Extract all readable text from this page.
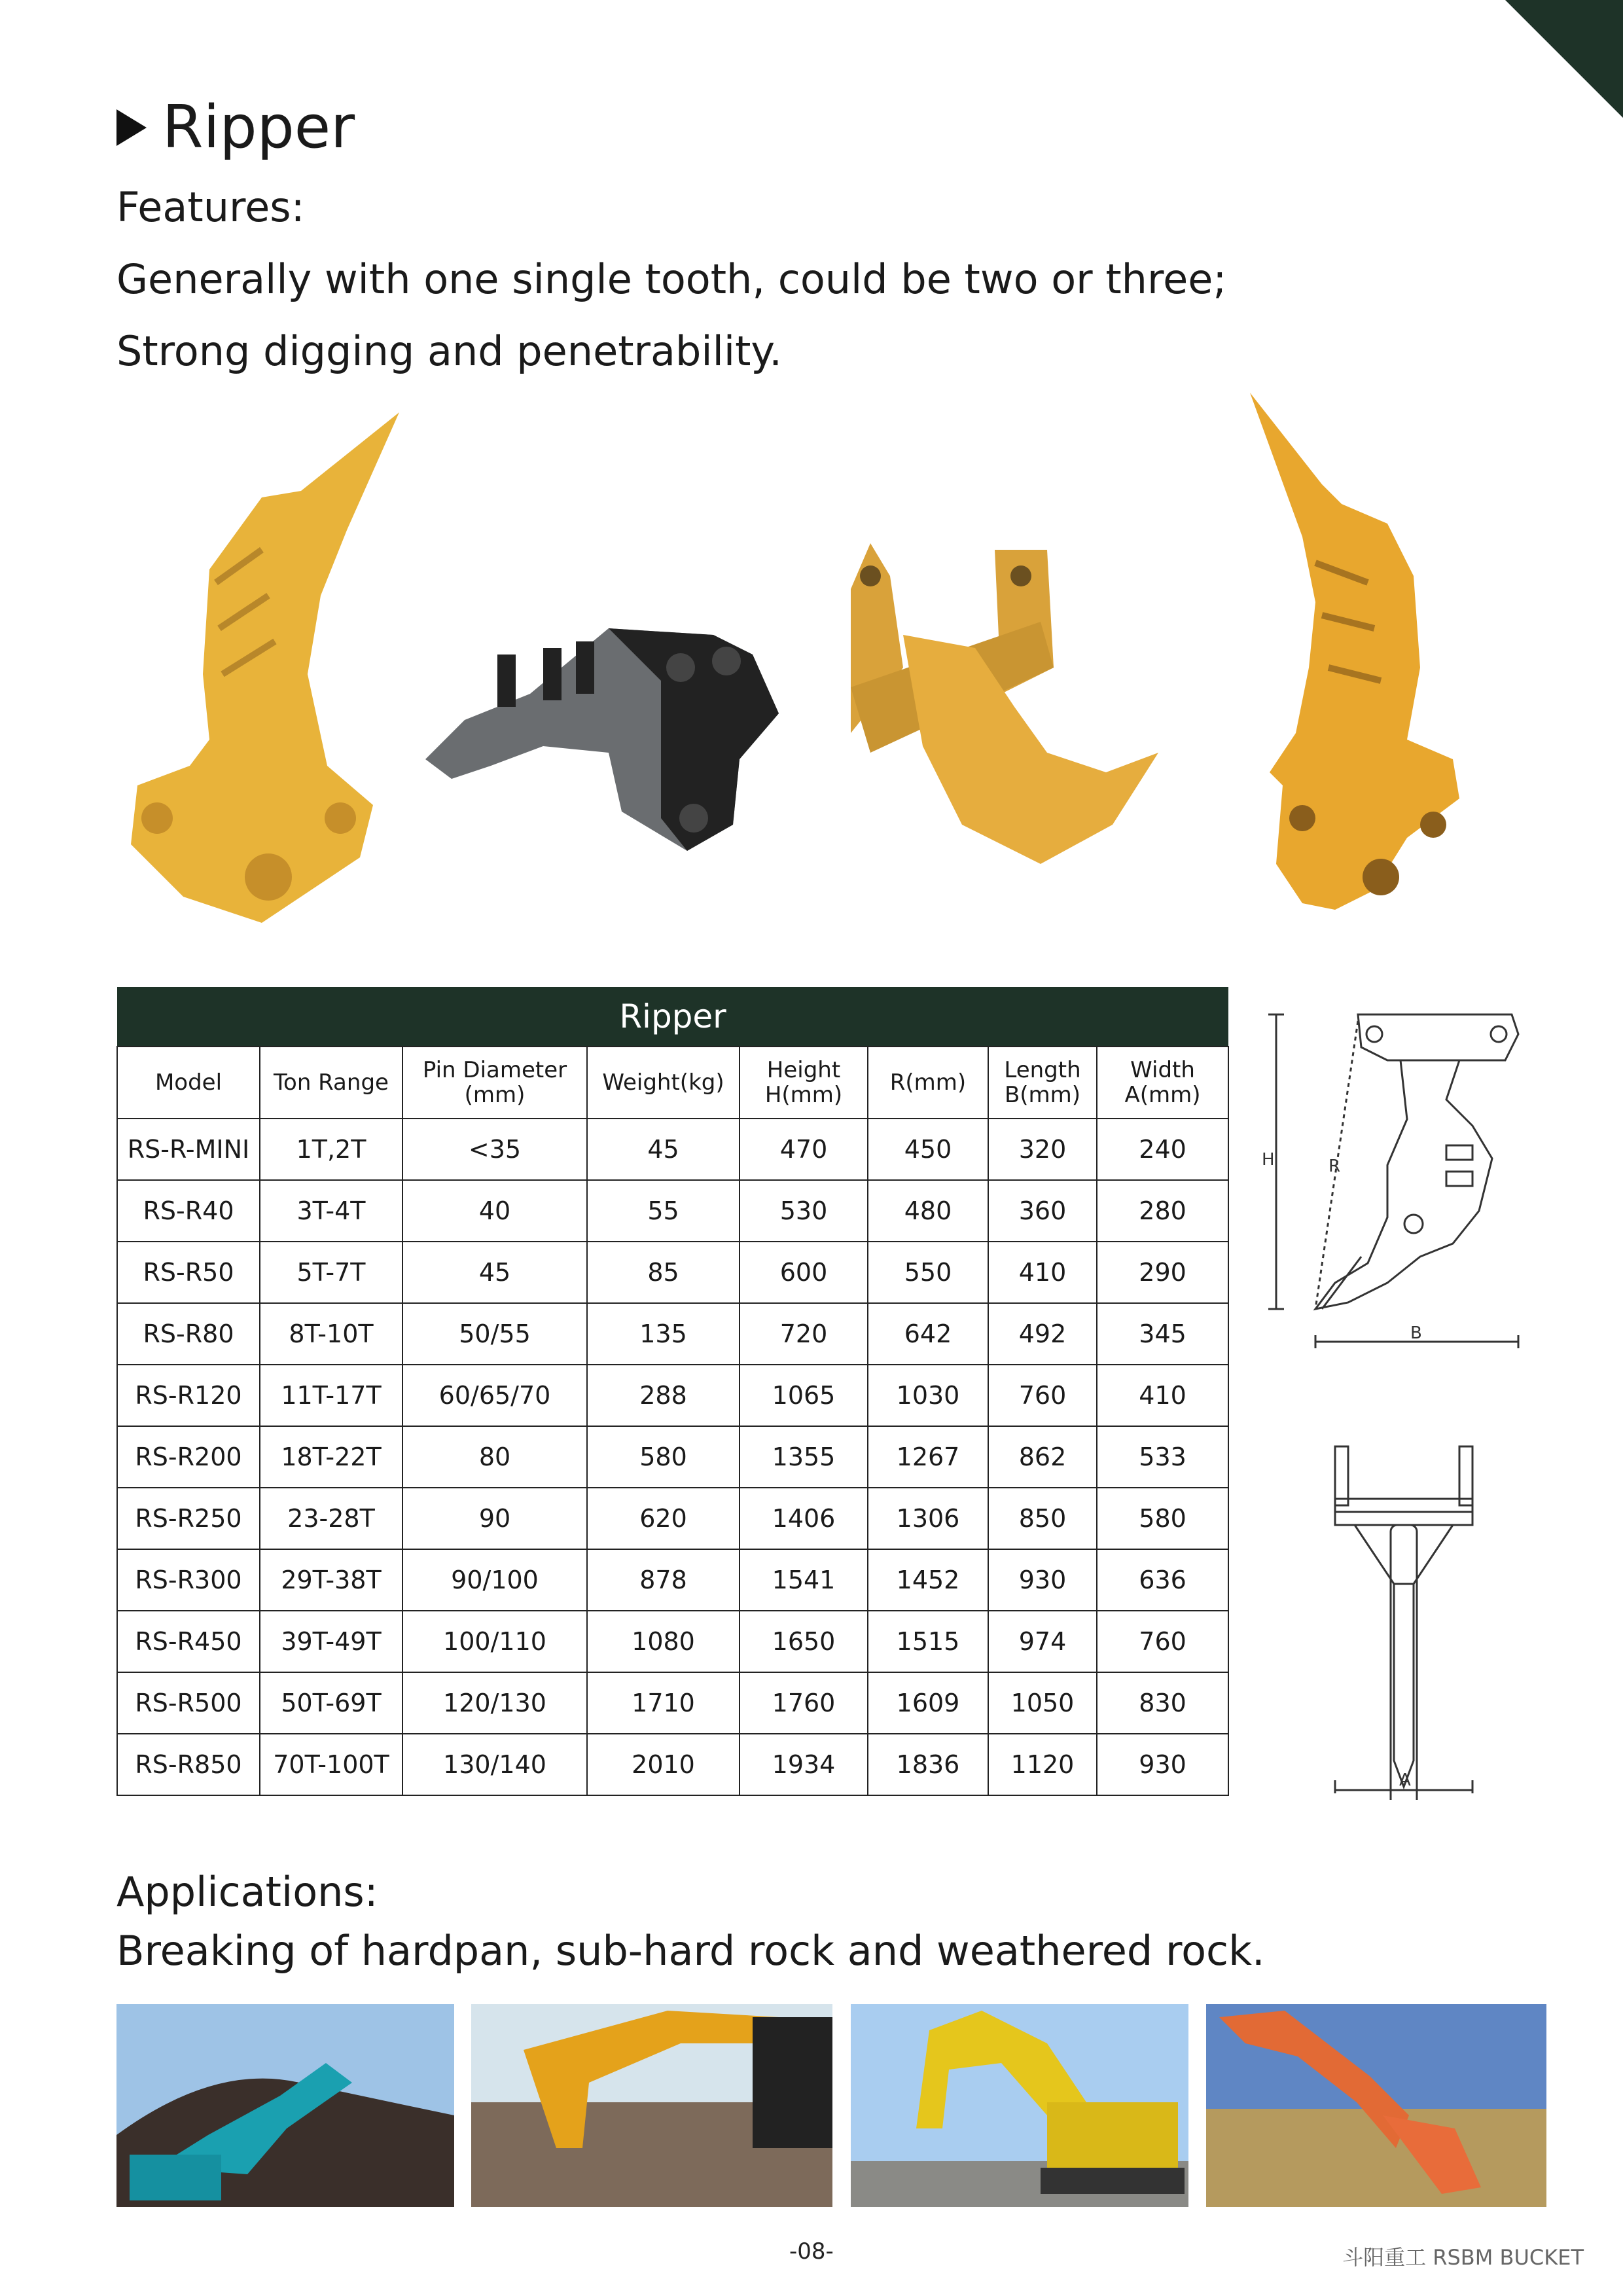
Ripper
Features:
Generally with one single tooth, could be two or three;
Strong digging and penetrability.
Ripper							
Model	Ton Range	Pin Diameter (mm)	Weight(kg)	Height H(mm)	R(mm)	Length B(mm)	Width A(mm)
RS-R-MINI	1T,2T	<35	45	470	450	320	240
RS-R40	3T-4T	40	55	530	480	360	280
RS-R50	5T-7T	45	85	600	550	410	290
RS-R80	8T-10T	50/55	135	720	642	492	345
RS-R120	11T-17T	60/65/70	288	1065	1030	760	410
RS-R200	18T-22T	80	580	1355	1267	862	533
RS-R250	23-28T	90	620	1406	1306	850	580
RS-R300	29T-38T	90/100	878	1541	1452	930	636
RS-R450	39T-49T	100/110	1080	1650	1515	974	760
RS-R500	50T-69T	120/130	1710	1760	1609	1050	830
RS-R850	70T-100T	130/140	2010	1934	1836	1120	930
H	R
B
A
Applications:
Breaking of hardpan, sub-hard rock and weathered rock.
-08-	斗阳重工 RSBM BUCKET
